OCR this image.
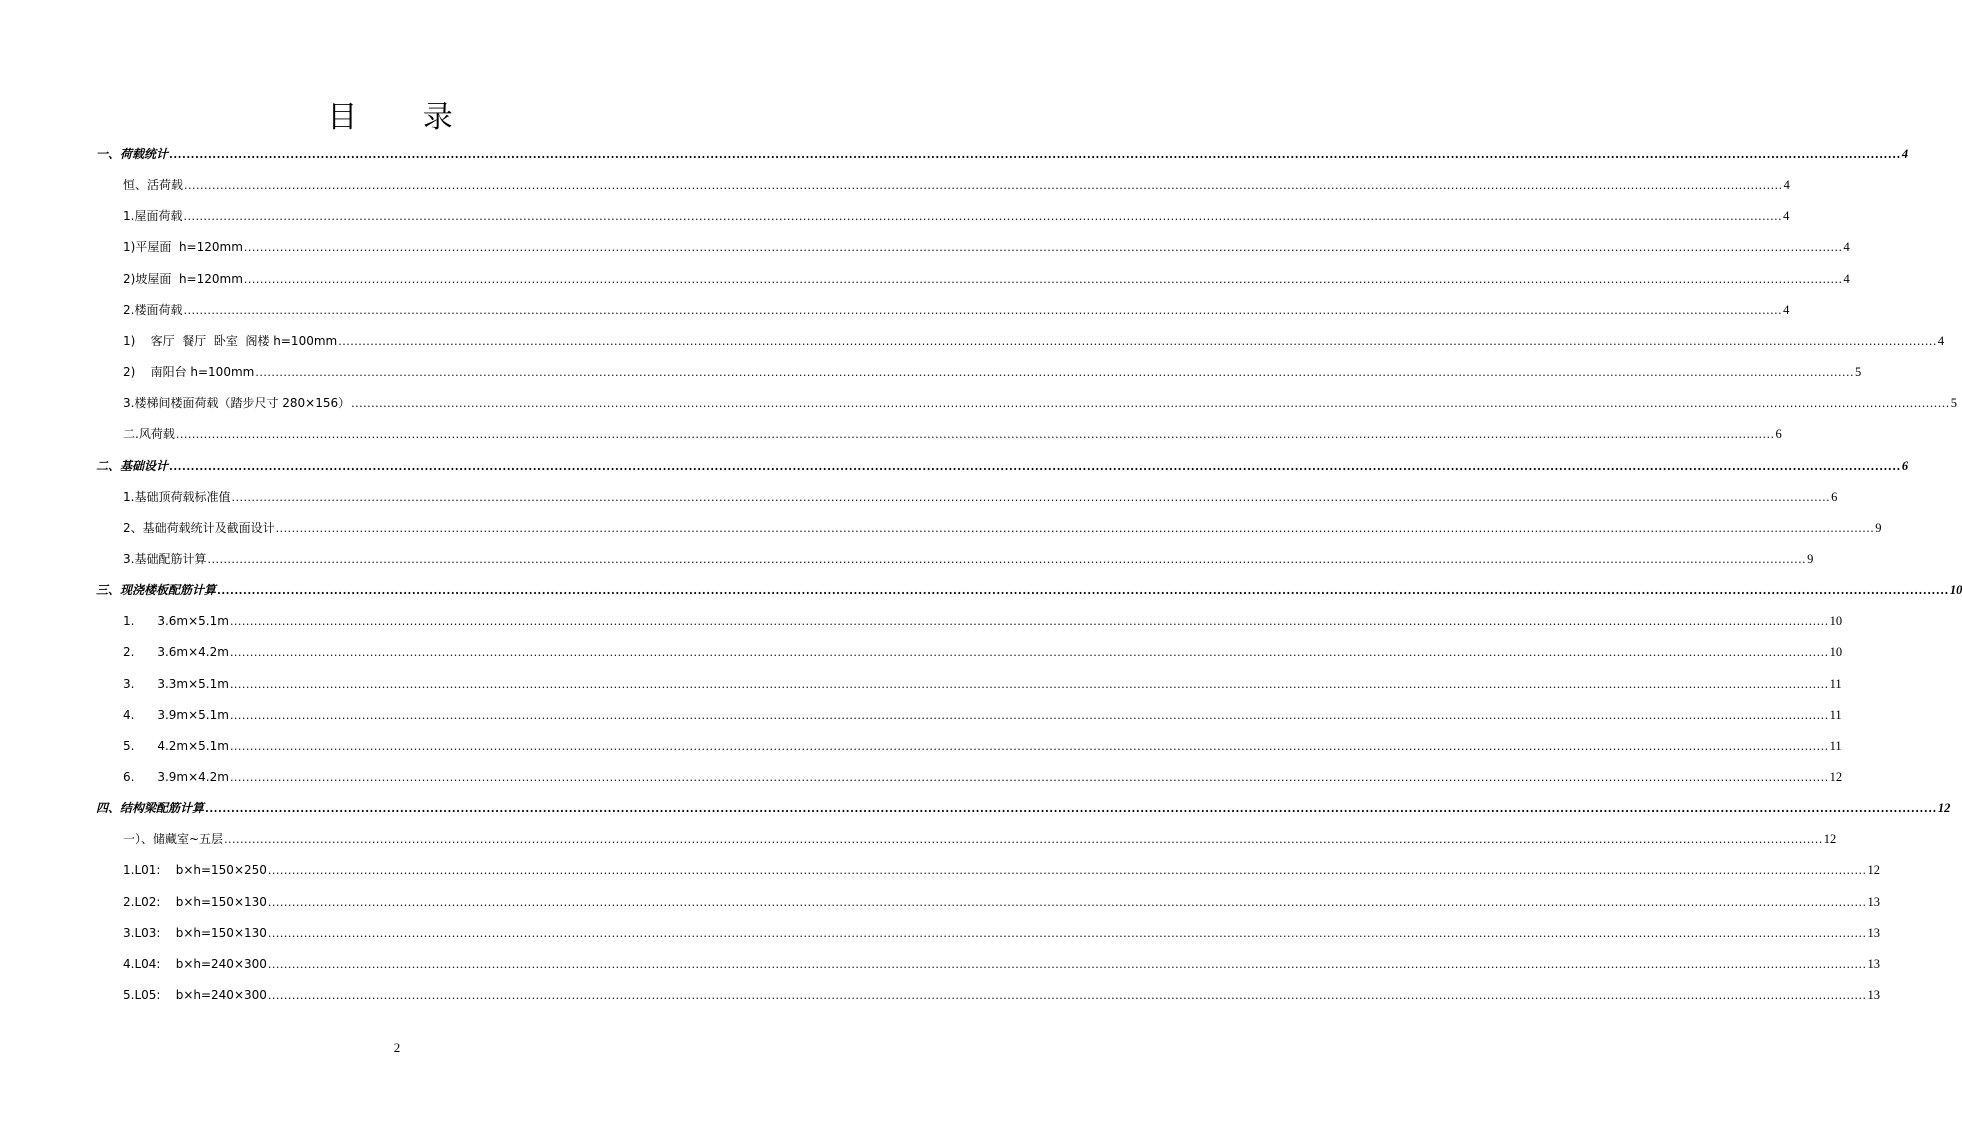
目 录
一、荷载统计 ................................................................................................................................................................................................................................................................................................................................................................................................................ 4
恒、活荷载 ................................................................................................................................................................................................................................................................................................................................................................................................................ 4
1.屋面荷载 ................................................................................................................................................................................................................................................................................................................................................................................................................ 4
1)平屋面  h=120mm ................................................................................................................................................................................................................................................................................................................................................................................................................ 4
2)坡屋面  h=120mm ................................................................................................................................................................................................................................................................................................................................................................................................................ 4
2.楼面荷载 ................................................................................................................................................................................................................................................................................................................................................................................................................ 4
1)    客厅  餐厅  卧室  阁楼 h=100mm ................................................................................................................................................................................................................................................................................................................................................................................................................ 4
2)    南阳台 h=100mm ................................................................................................................................................................................................................................................................................................................................................................................................................ 5
3.楼梯间楼面荷载（踏步尺寸 280×156） ................................................................................................................................................................................................................................................................................................................................................................................................................ 5
二.风荷载 ................................................................................................................................................................................................................................................................................................................................................................................................................ 6
二、基础设计 ................................................................................................................................................................................................................................................................................................................................................................................................................ 6
1.基础顶荷载标准值 ................................................................................................................................................................................................................................................................................................................................................................................................................ 6
2、基础荷载统计及截面设计 ................................................................................................................................................................................................................................................................................................................................................................................................................ 9
3.基础配筋计算 ................................................................................................................................................................................................................................................................................................................................................................................................................ 9
三、现浇楼板配筋计算 ................................................................................................................................................................................................................................................................................................................................................................................................................ 10
1.      3.6m×5.1m ................................................................................................................................................................................................................................................................................................................................................................................................................ 10
2.      3.6m×4.2m ................................................................................................................................................................................................................................................................................................................................................................................................................ 10
3.      3.3m×5.1m ................................................................................................................................................................................................................................................................................................................................................................................................................ 11
4.      3.9m×5.1m ................................................................................................................................................................................................................................................................................................................................................................................................................ 11
5.      4.2m×5.1m ................................................................................................................................................................................................................................................................................................................................................................................................................ 11
6.      3.9m×4.2m ................................................................................................................................................................................................................................................................................................................................................................................................................ 12
四、结构梁配筋计算 ................................................................................................................................................................................................................................................................................................................................................................................................................ 12
一）、储藏室~五层 ................................................................................................................................................................................................................................................................................................................................................................................................................ 12
1.L01:    b×h=150×250 ................................................................................................................................................................................................................................................................................................................................................................................................................ 12
2.L02:    b×h=150×130 ................................................................................................................................................................................................................................................................................................................................................................................................................ 13
3.L03:    b×h=150×130 ................................................................................................................................................................................................................................................................................................................................................................................................................ 13
4.L04:    b×h=240×300 ................................................................................................................................................................................................................................................................................................................................................................................................................ 13
5.L05:    b×h=240×300 ................................................................................................................................................................................................................................................................................................................................................................................................................ 13
2
